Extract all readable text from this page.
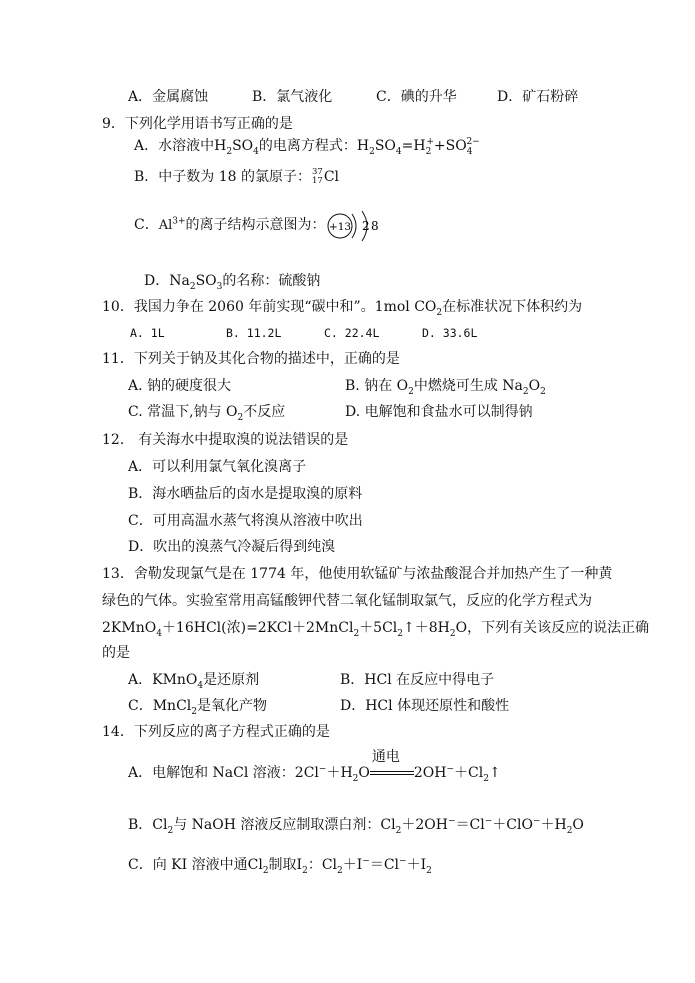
A．金属腐蚀	B．氯气液化	C．碘的升华	D．矿石粉碎
9．下列化学用语书写正确的是
A．水溶液中$H_2SO_4$的电离方程式：$H_2SO_4=H_2^++SO_4^{2-}$
B．中子数为 18 的氯原子：37
17Cl
C．$Al^{3+}$的离子结构示意图为： +13 2 8
D．$Na_2SO_3$的名称：硫酸钠
10．我国力争在 2060 年前实现“碳中和”。1mol $CO_2$在标准状况下体积约为
A. 1L	B. 11.2L	C. 22.4L	D. 33.6L
11．下列关于钠及其化合物的描述中，正确的是
A. 钠的硬度很大	B. 钠在 $O_2$中燃烧可生成 $Na_2O_2$
C. 常温下,钠与 $O_2$不反应	D. 电解饱和食盐水可以制得钠
12． 有关海水中提取溴的说法错误的是
A．可以利用氯气氧化溴离子
B．海水晒盐后的卤水是提取溴的原料
C．可用高温水蒸气将溴从溶液中吹出
D．吹出的溴蒸气冷凝后得到纯溴
13．舍勒发现氯气是在 1774 年，他使用软锰矿与浓盐酸混合并加热产生了一种黄
绿色的气体。实验室常用高锰酸钾代替二氧化锰制取氯气，反应的化学方程式为
2KMnO$_4$＋16HCl(浓)$=2KCl+2MnCl_2+5Cl_2↑+8H_2O$，下列有关该反应的说法正确
的是
A．KMnO$_4$是还原剂	B．HCl 在反应中得电子
C．MnCl$_2$是氧化产物	D．HCl 体现还原性和酸性
14．下列反应的离子方程式正确的是
A．电解饱和 NaCl 溶液：$2Cl^-+H_2O$
通电
$2OH^-+Cl_2↑$
B．$Cl_2$与 NaOH 溶液反应制取漂白剂：$Cl_2+2OH^-=Cl^-+ClO^-+H_2O$
C．向 KI 溶液中通$Cl_2$制取$I_2$：$Cl_2+I^-=Cl^-+I_2$
